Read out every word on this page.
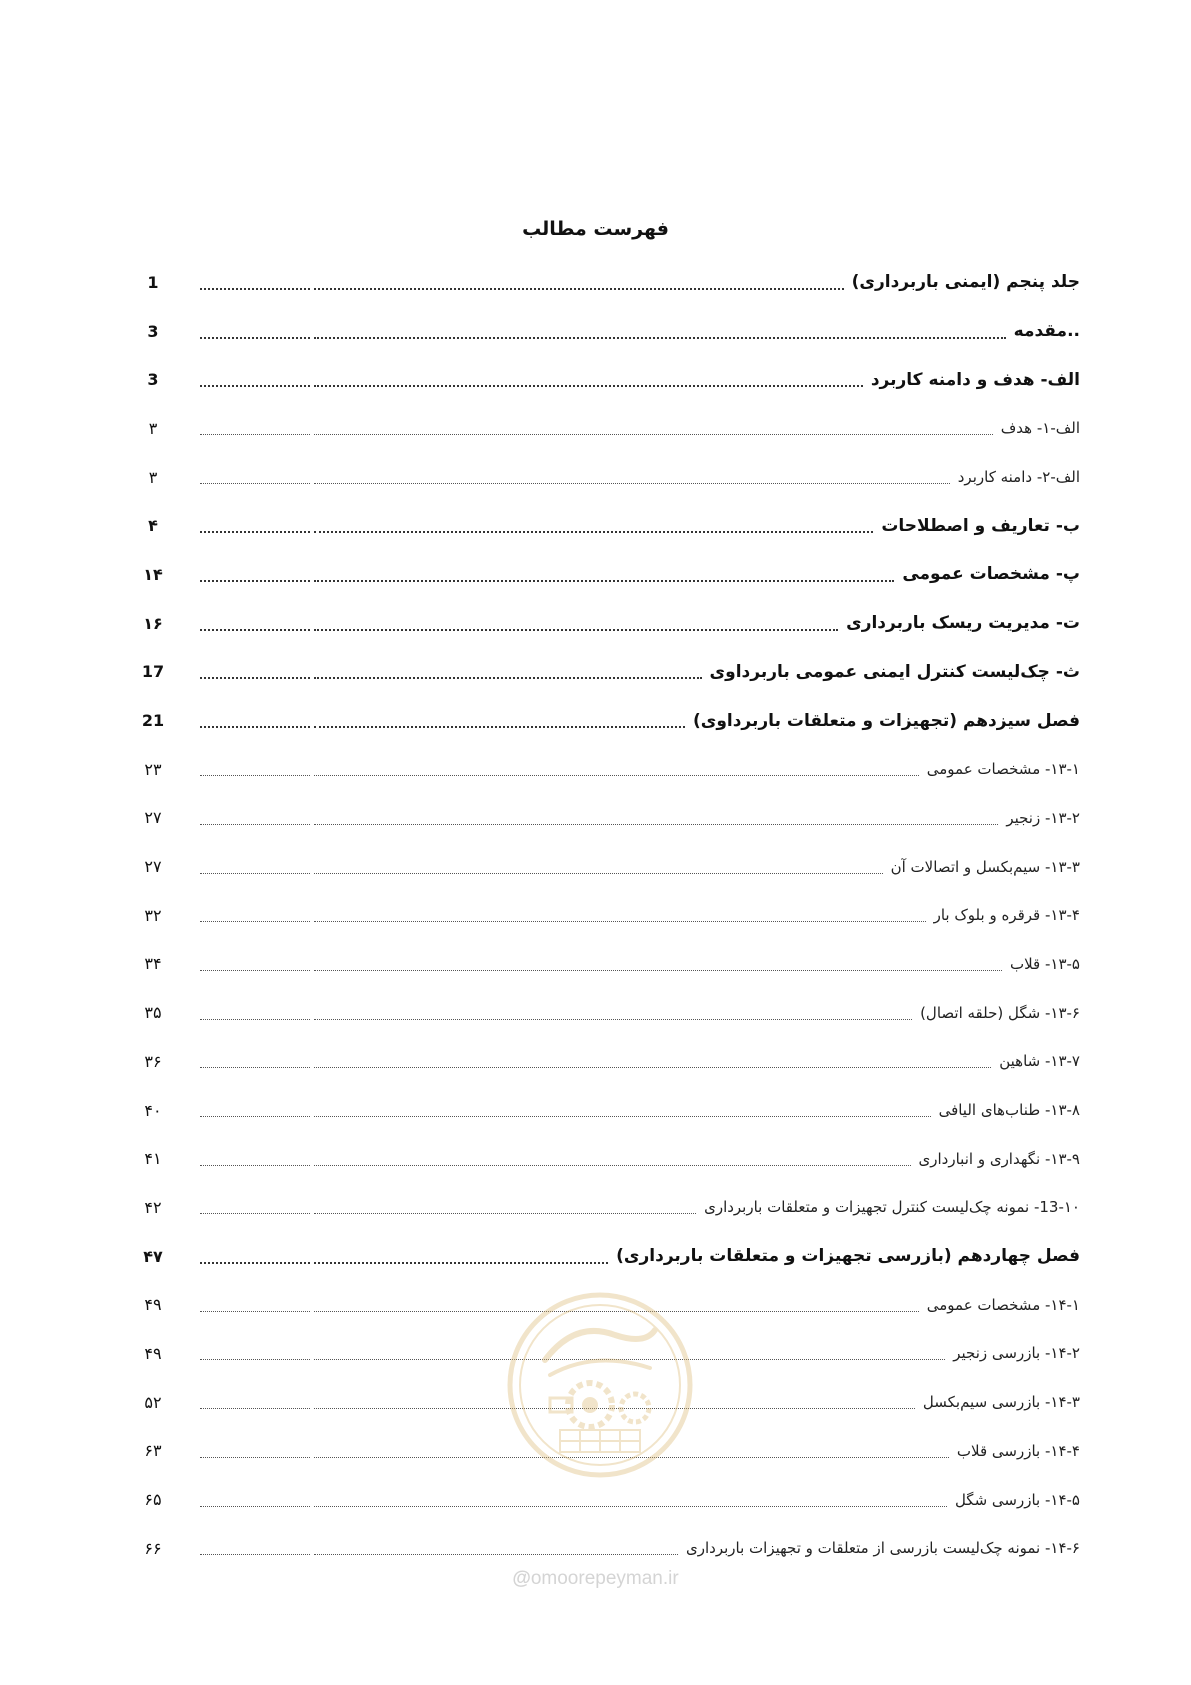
فهرست مطالب
جلد پنجم (ایمنی باربرداری)
1
..مقدمه
3
الف- هدف و دامنه کاربرد
3
الف-۱- هدف
۳
الف-۲- دامنه کاربرد
۳
ب- تعاریف و اصطلاحات
۴
پ- مشخصات عمومی
۱۴
ت- مدیریت ریسک باربرداری
۱۶
ث- چک‌لیست کنترل ایمنی عمومی باربرداوی
17
فصل سیزدهم (تجهیزات و متعلقات باربرداوی)
21
۱۳-۱- مشخصات عمومی
۲۳
۱۳-۲- زنجیر
۲۷
۱۳-۳- سیم‌بکسل و اتصالات آن
۲۷
۱۳-۴- قرقره و بلوک بار
۳۲
۱۳-۵- قلاب
۳۴
۱۳-۶- شگل (حلقه اتصال)
۳۵
۱۳-۷- شاهین
۳۶
۱۳-۸- طناب‌های الیافی
۴۰
۱۳-۹- نگهداری و انبارداری
۴۱
13-۱۰- نمونه چک‌لیست کنترل تجهیزات و متعلقات باربرداری
۴۲
فصل چهاردهم (بازرسی تجهیزات و متعلقات باربرداری)
۴۷
۱۴-۱- مشخصات عمومی
۴۹
۱۴-۲- بازرسی زنجیر
۴۹
۱۴-۳- بازرسی سیم‌بکسل
۵۲
۱۴-۴- بازرسی قلاب
۶۳
۱۴-۵- بازرسی شگل
۶۵
۱۴-۶- نمونه چک‌لیست بازرسی از متعلقات و تجهیزات باربرداری
۶۶
@omoorepeyman.ir
